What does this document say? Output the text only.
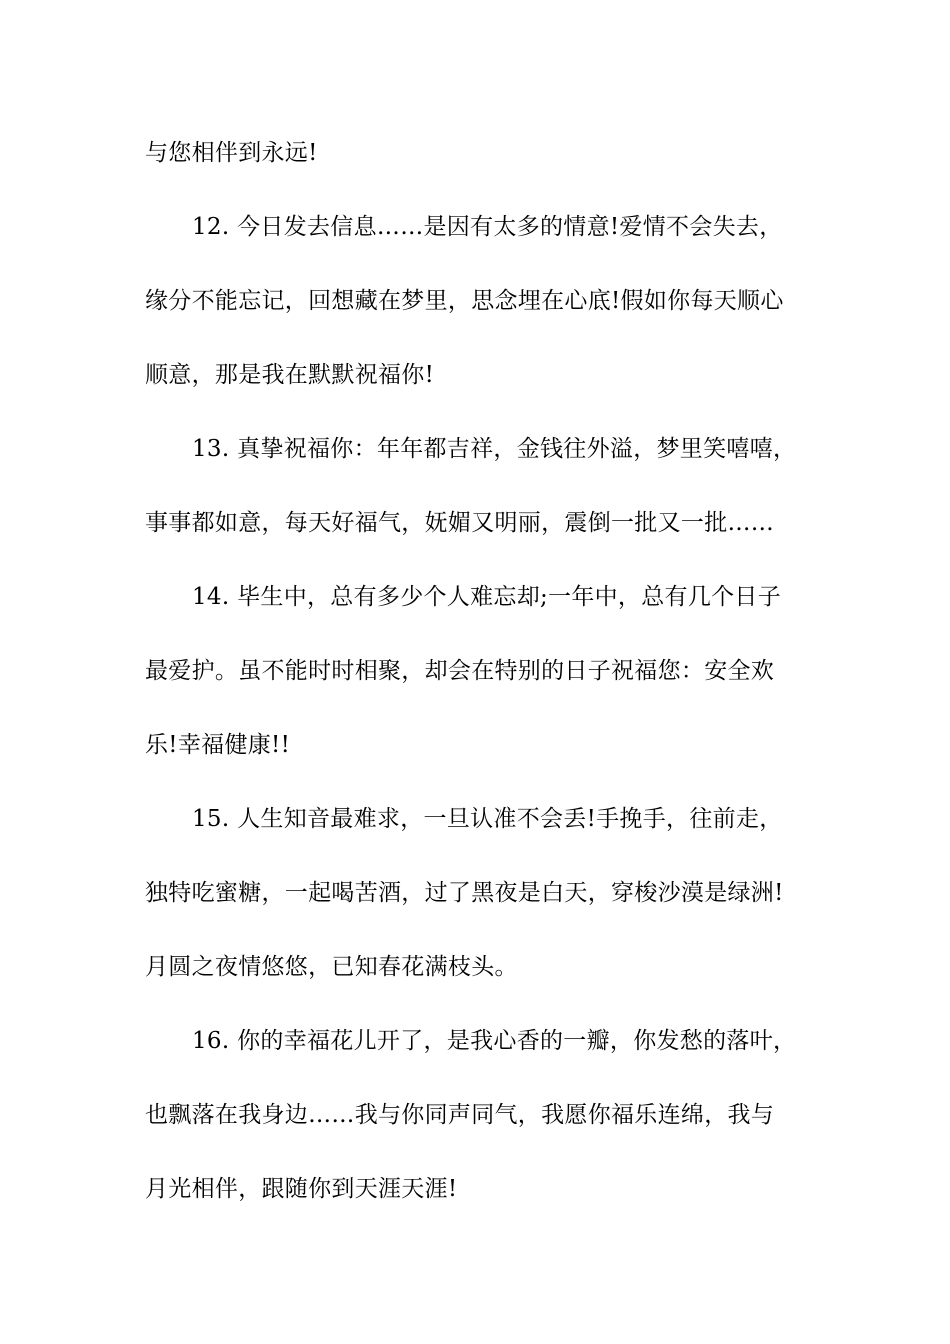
与您相伴到永远!
12. 今日发去信息……是因有太多的情意!爱情不会失去，
缘分不能忘记，回想藏在梦里，思念埋在心底!假如你每天顺心
顺意，那是我在默默祝福你!
13. 真挚祝福你：年年都吉祥，金钱往外溢，梦里笑嘻嘻，
事事都如意，每天好福气，妩媚又明丽，震倒一批又一批……
14. 毕生中，总有多少个人难忘却;一年中，总有几个日子
最爱护。虽不能时时相聚，却会在特别的日子祝福您：安全欢
乐!幸福健康!!
15. 人生知音最难求，一旦认准不会丢!手挽手，往前走，
独特吃蜜糖，一起喝苦酒，过了黑夜是白天，穿梭沙漠是绿洲!
月圆之夜情悠悠，已知春花满枝头。
16. 你的幸福花儿开了，是我心香的一瓣，你发愁的落叶，
也飘落在我身边……我与你同声同气，我愿你福乐连绵，我与
月光相伴，跟随你到天涯天涯!
